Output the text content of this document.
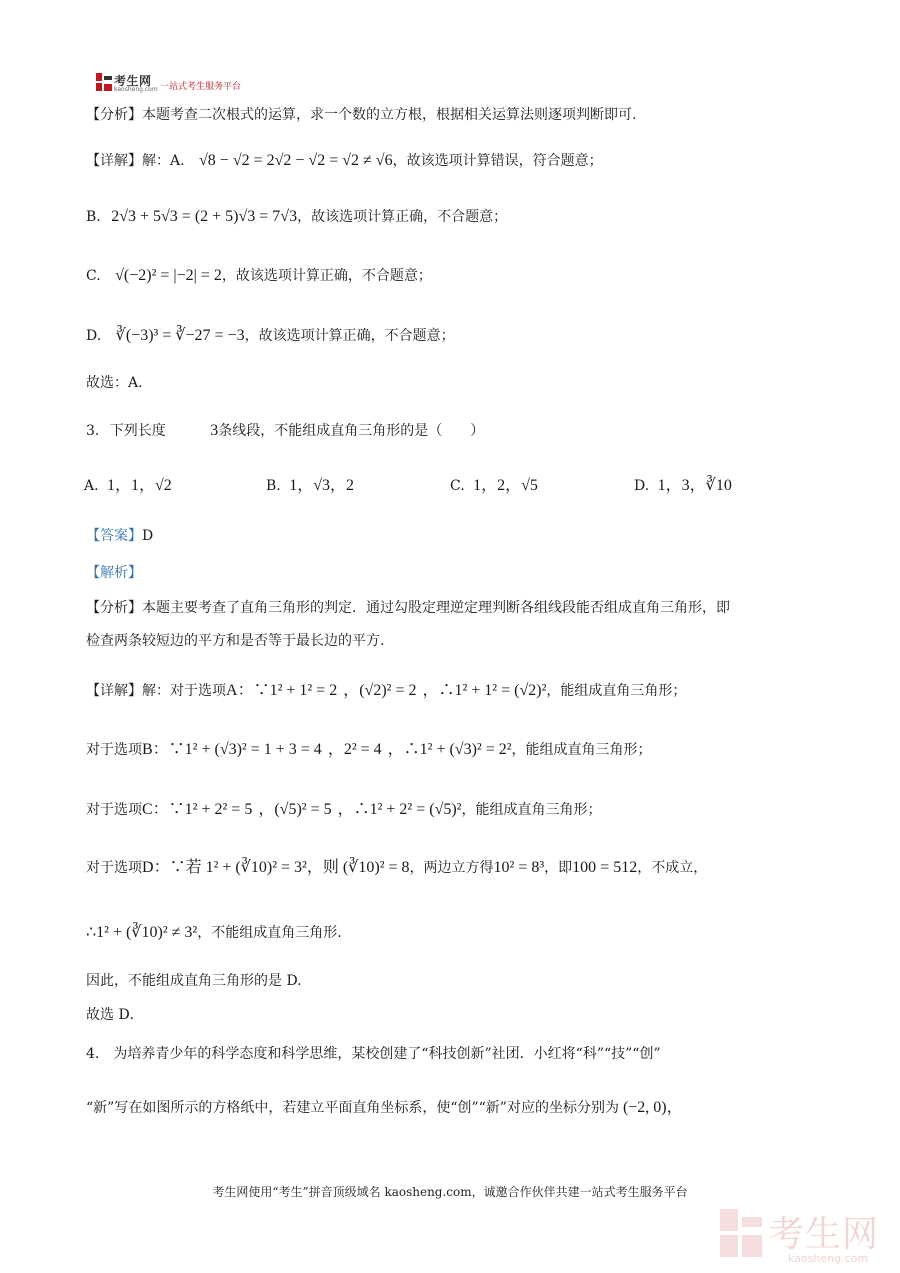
考生网
kaosheng.com 一站式考生服务平台
【分析】本题考查二次根式的运算，求一个数的立方根，根据相关运算法则逐项判断即可.
【详解】解：A. √8 − √2 = 2√2 − √2 = √2 ≠ √6，故该选项计算错误，符合题意；
B. 2√3 + 5√3 = (2 + 5)√3 = 7√3，故该选项计算正确，不合题意；
C. √(−2)² = |−2| = 2，故该选项计算正确，不合题意；
D. ∛(−3)³ = ∛−27 = −3，故该选项计算正确，不合题意；
故选：A.
3. 下列长度	3条线段，不能组成直角三角形的是（　　）
A. 1，1，√2	B. 1，√3，2	C. 1，2，√5	D. 1，3，∛10
【答案】D
【解析】
【分析】本题主要考查了直角三角形的判定．通过勾股定理逆定理判断各组线段能否组成直角三角形，即
检查两条较短边的平方和是否等于最长边的平方.
【详解】解：对于选项A：∵1² + 1² = 2 ，(√2)² = 2 ，∴1² + 1² = (√2)²，能组成直角三角形；
对于选项B：∵1² + (√3)² = 1 + 3 = 4 ，2² = 4 ，∴1² + (√3)² = 2²，能组成直角三角形；
对于选项C：∵1² + 2² = 5 ，(√5)² = 5 ，∴1² + 2² = (√5)²，能组成直角三角形；
对于选项D：∵若 1² + (∛10)² = 3²，则 (∛10)² = 8，两边立方得10² = 8³，即100 = 512，不成立，
∴1² + (∛10)² ≠ 3²，不能组成直角三角形.
因此，不能组成直角三角形的是 D.
故选 D．
4.　为培养青少年的科学态度和科学思维，某校创建了“科技创新”社团．小红将“科”“技”“创”
“新”写在如图所示的方格纸中，若建立平面直角坐标系，使“创”“新”对应的坐标分别为 (−2, 0)，
考生网使用“考生”拼音顶级域名 kaosheng.com，诚邀合作伙伴共建一站式考生服务平台
考生网
kaosheng.com
